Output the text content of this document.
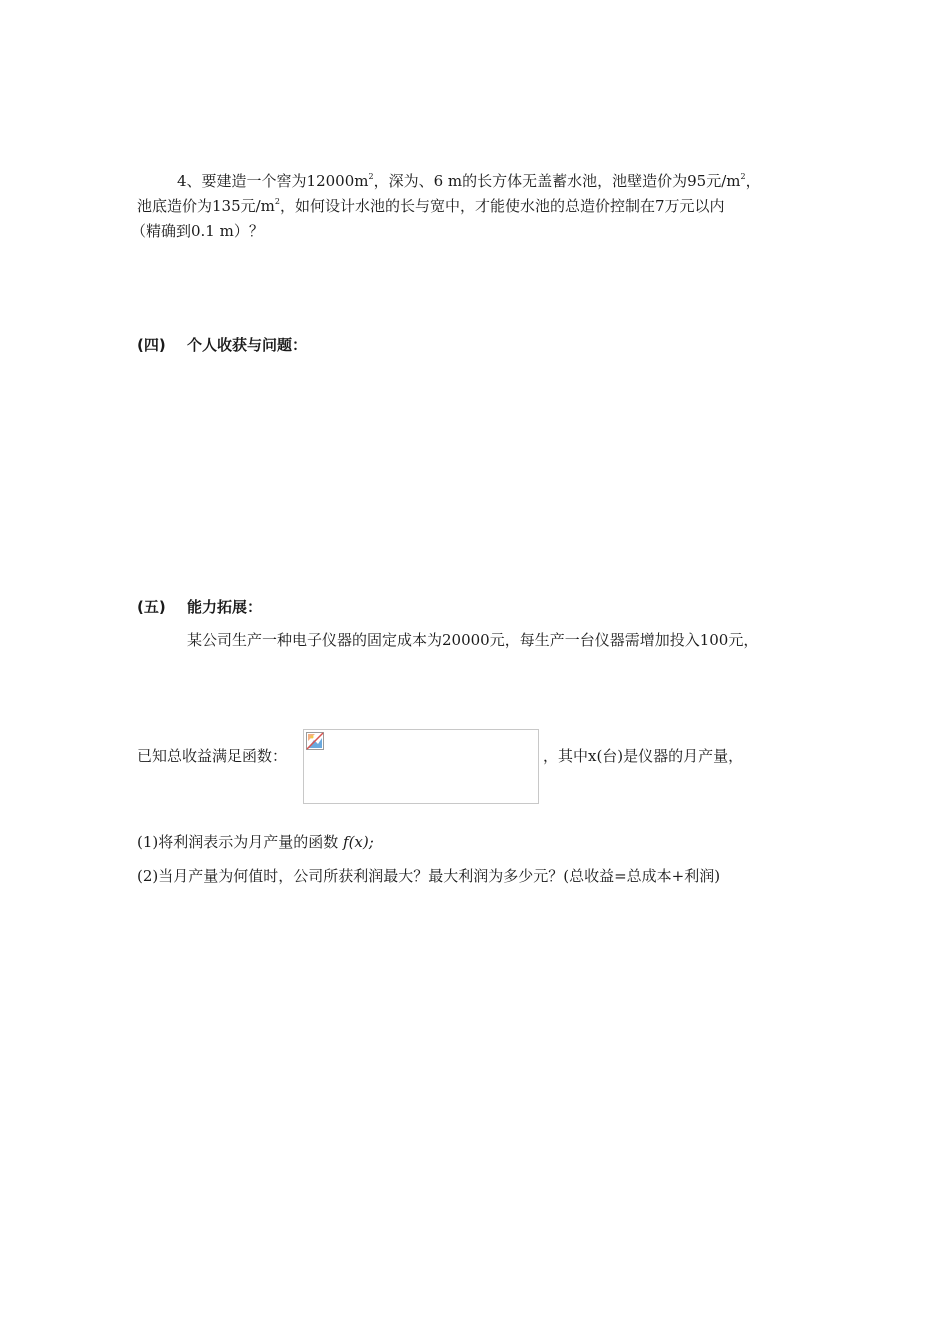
4、要建造一个窖为$12000m^2$，深为、6 m的长方体无盖蓄水池，池壁造价为95元$/m^2$，
池底造价为135元$/m^2$，如何设计水池的长与宽中，才能使水池的总造价控制在7万元以内
（精确到0.1 m）？
(四) 个人收获与问题：
(五) 能力拓展：
某公司生产一种电子仪器的固定成本为20000元，每生产一台仪器需增加投入100元，
已知总收益满足函数：	，其中x(台)是仪器的月产量，
(1)将利润表示为月产量的函数 f(x);
(2)当月产量为何值时，公司所获利润最大？最大利润为多少元？(总收益=总成本+利润)
